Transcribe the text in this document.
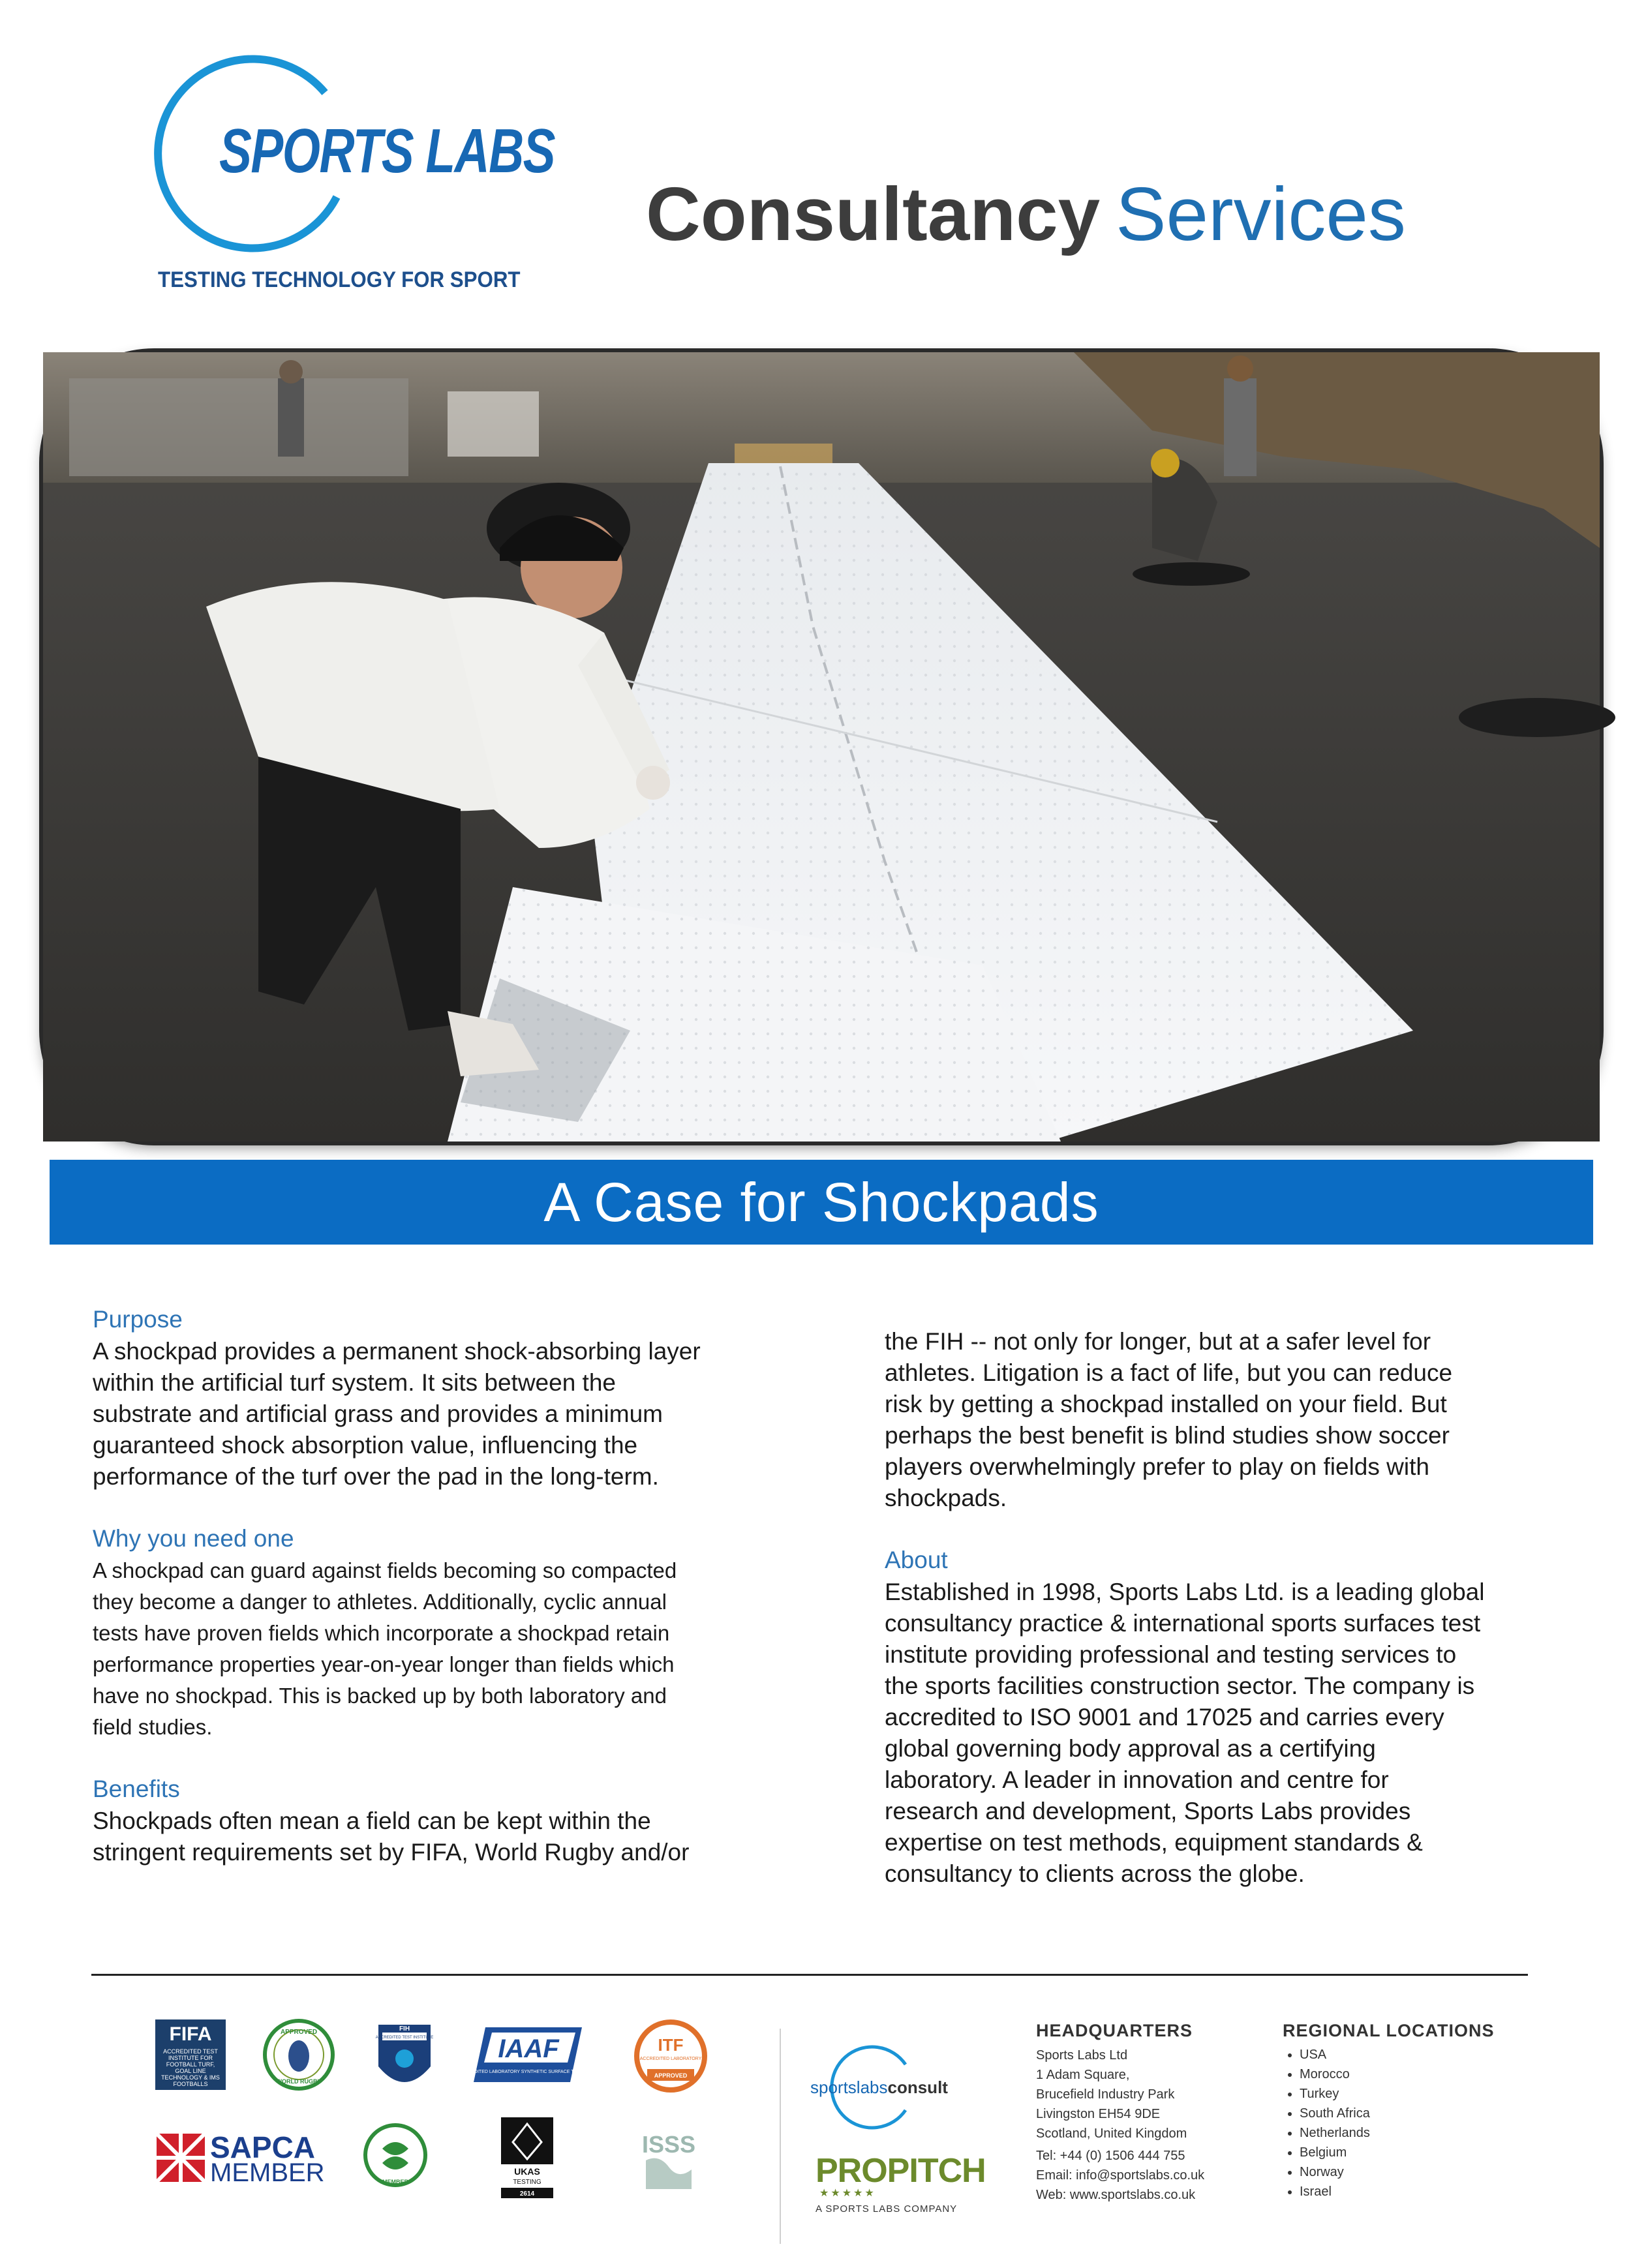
SPORTS LABS
TESTING TECHNOLOGY FOR SPORT
Consultancy Services
A Case for Shockpads
Purpose
A shockpad provides a permanent shock-absorbing layer
within the artificial turf system. It sits between the
substrate and artificial grass and provides a minimum
guaranteed shock absorption value, influencing the
performance of the turf over the pad in the long-term.
Why you need one
A shockpad can guard against fields becoming so compacted
they become a danger to athletes. Additionally, cyclic annual
tests have proven fields which incorporate a shockpad retain
performance properties year-on-year longer than fields which
have no shockpad. This is backed up by both laboratory and
field studies.
Benefits
Shockpads often mean a field can be kept within the
stringent requirements set by FIFA, World Rugby and/or
the FIH -- not only for longer, but at a safer level for
athletes. Litigation is a fact of life, but you can reduce
risk by getting a shockpad installed on your field. But
perhaps the best benefit is blind studies show soccer
players overwhelmingly prefer to play on fields with
shockpads.
About
Established in 1998, Sports Labs Ltd. is a leading global
consultancy practice & international sports surfaces test
institute providing professional and testing services to
the sports facilities construction sector. The company is
accredited to ISO 9001 and 17025 and carries every
global governing body approval as a certifying
laboratory. A leader in innovation and centre for
research and development, Sports Labs provides
expertise on test methods, equipment standards &
consultancy to clients across the globe.
FIFA
ACCREDITED TEST INSTITUTE FOR FOOTBALL TURF, GOAL LINE TECHNOLOGY & IMS FOOTBALLS
APPROVED
WORLD RUGBY
FIH
ACCREDITED TEST INSTITUTE IAAF
ACCREDITED LABORATORY SYNTHETIC SURFACE TESTING
ITF
ACCREDITED LABORATORY
APPROVED
SAPCA
MEMBER	MEMBER
UKAS
TESTING
2614
ISSS
sportslabsconsult
PROPITCH
★★★★★
A SPORTS LABS COMPANY
HEADQUARTERS
Sports Labs Ltd
1 Adam Square,
Brucefield Industry Park
Livingston EH54 9DE
Scotland, United Kingdom
Tel: +44 (0) 1506 444 755
Email: info@sportslabs.co.uk
Web: www.sportslabs.co.uk
REGIONAL LOCATIONS
• USA
• Morocco
• Turkey
• South Africa
• Netherlands
• Belgium
• Norway
• Israel
